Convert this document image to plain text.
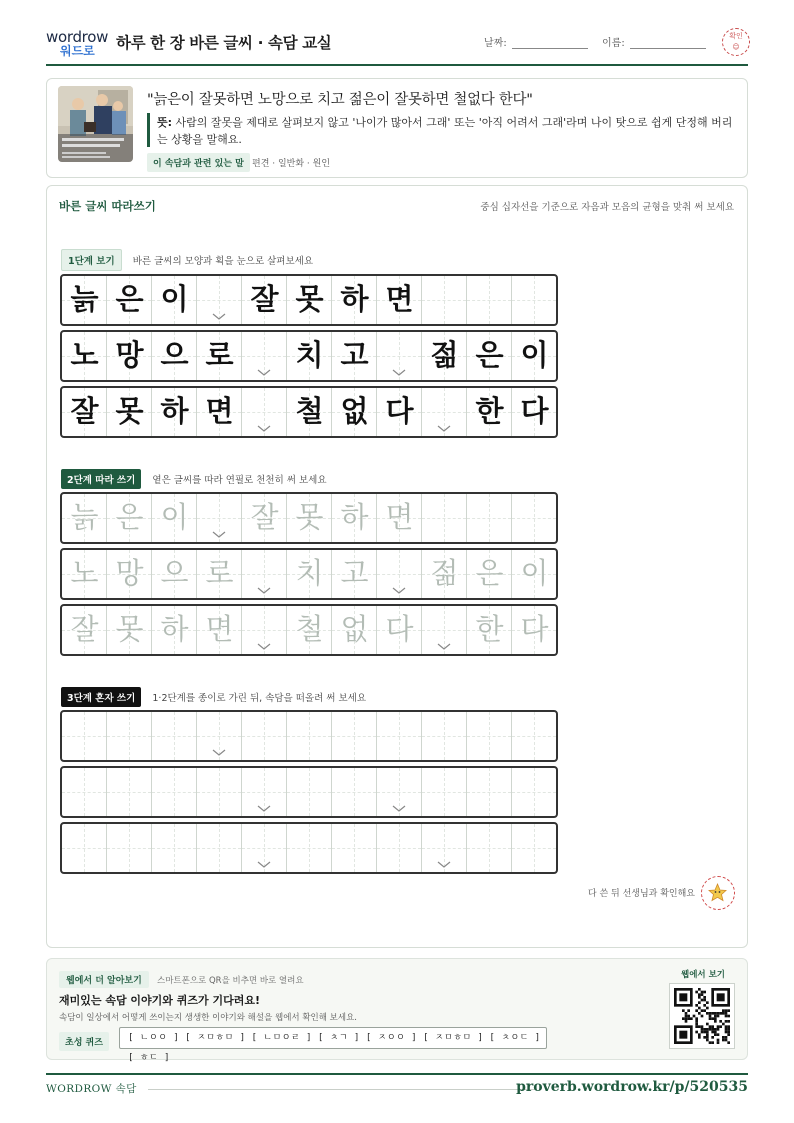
wordrow
워드로 하루 한 장 바른 글씨 · 속담 교실	날짜:	이름:
확인
☺
"늙은이 잘못하면 노망으로 치고 젊은이 잘못하면 철없다 한다"
뜻: 사람의 잘못을 제대로 살펴보지 않고 '나이가 많아서 그래' 또는 '아직 어려서 그래'라며 나이 탓으로 쉽게 단정해 버리는 상황을 말해요.
이 속담과 관련 있는 말 편견 · 일반화 · 원인
바른 글씨 따라쓰기	중심 십자선을 기준으로 자음과 모음의 균형을 맞춰 써 보세요
1단계 보기 바른 글씨의 모양과 획을 눈으로 살펴보세요
2단계 따라 쓰기 옅은 글씨를 따라 연필로 천천히 써 보세요
3단계 혼자 쓰기 1·2단계를 종이로 가린 뒤, 속담을 떠올려 써 보세요
다 쓴 뒤 선생님과 확인해요
늙 은 이 잘 못 하 면
노 망 으 로 치 고 젊 은 이
잘 못 하 면 철 없 다 한 다
늙 은 이 잘 못 하 면
노 망 으 로 치 고 젊 은 이
잘 못 하 면 철 없 다 한 다
웹에서 더 알아보기	스마트폰으로 QR을 비추면 바로 열려요
재미있는 속담 이야기와 퀴즈가 기다려요!
속담이 일상에서 어떻게 쓰이는지 생생한 이야기와 해설을 웹에서 확인해 보세요.
초성 퀴즈	[ ㄴㅇㅇ ] [ ㅈㅁㅎㅁ ] [ ㄴㅁㅇㄹ ] [ ㅊㄱ ] [ ㅈㅇㅇ ] [ ㅈㅁㅎㅁ ] [ ㅊㅇㄷ ] [ ㅎㄷ ]
웹에서 보기
WORDROW 속담	proverb.wordrow.kr/p/520535
